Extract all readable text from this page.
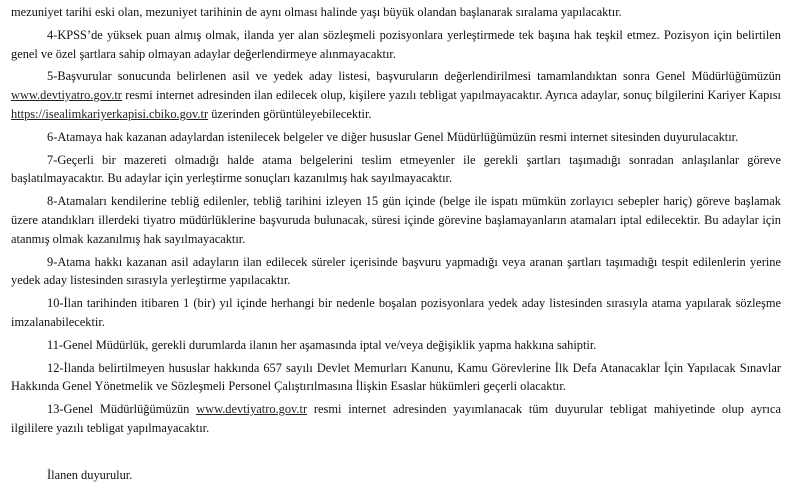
mezuniyet tarihi eski olan, mezuniyet tarihinin de aynı olması halinde yaşı büyük olandan başlanarak sıralama yapılacaktır.

4-KPSS’de yüksek puan almış olmak, ilanda yer alan sözleşmeli pozisyonlara yerleştirmede tek başına hak teşkil etmez. Pozisyon için belirtilen genel ve özel şartlara sahip olmayan adaylar değerlendirmeye alınmayacaktır.

5-Başvurular sonucunda belirlenen asil ve yedek aday listesi, başvuruların değerlendirilmesi tamamlandıktan sonra Genel Müdürlüğümüzün www.devtiyatro.gov.tr resmi internet adresinden ilan edilecek olup, kişilere yazılı tebligat yapılmayacaktır. Ayrıca adaylar, sonuç bilgilerini Kariyer Kapısı https://isealimkariyerkapisi.cbiko.gov.tr üzerinden görüntüleyebilecektir.

6-Atamaya hak kazanan adaylardan istenilecek belgeler ve diğer hususlar Genel Müdürlüğümüzün resmi internet sitesinden duyurulacaktır.

7-Geçerli bir mazereti olmadığı halde atama belgelerini teslim etmeyenler ile gerekli şartları taşımadığı sonradan anlaşılanlar göreve başlatılmayacaktır. Bu adaylar için yerleştirme sonuçları kazanılmış hak sayılmayacaktır.

8-Atamaları kendilerine tebliğ edilenler, tebliğ tarihini izleyen 15 gün içinde (belge ile ispatı mümkün zorlayıcı sebepler hariç) göreve başlamak üzere atandıkları illerdeki tiyatro müdürlüklerine başvuruda bulunacak, süresi içinde görevine başlamayanların atamaları iptal edilecektir. Bu adaylar için atanmış olmak kazanılmış hak sayılmayacaktır.

9-Atama hakkı kazanan asil adayların ilan edilecek süreler içerisinde başvuru yapmadığı veya aranan şartları taşımadığı tespit edilenlerin yerine yedek aday listesinden sırasıyla yerleştirme yapılacaktır.

10-İlan tarihinden itibaren 1 (bir) yıl içinde herhangi bir nedenle boşalan pozisyonlara yedek aday listesinden sırasıyla atama yapılarak sözleşme imzalanabilecektir.

11-Genel Müdürlük, gerekli durumlarda ilanın her aşamasında iptal ve/veya değişiklik yapma hakkına sahiptir.

12-İlanda belirtilmeyen hususlar hakkında 657 sayılı Devlet Memurları Kanunu, Kamu Görevlerine İlk Defa Atanacaklar İçin Yapılacak Sınavlar Hakkında Genel Yönetmelik ve Sözleşmeli Personel Çalıştırılmasına İlişkin Esaslar hükümleri geçerli olacaktır.

13-Genel Müdürlüğümüzün www.devtiyatro.gov.tr resmi internet adresinden yayımlanacak tüm duyurular tebligat mahiyetinde olup ayrıca ilgililere yazılı tebligat yapılmayacaktır.

İlanen duyurulur.
